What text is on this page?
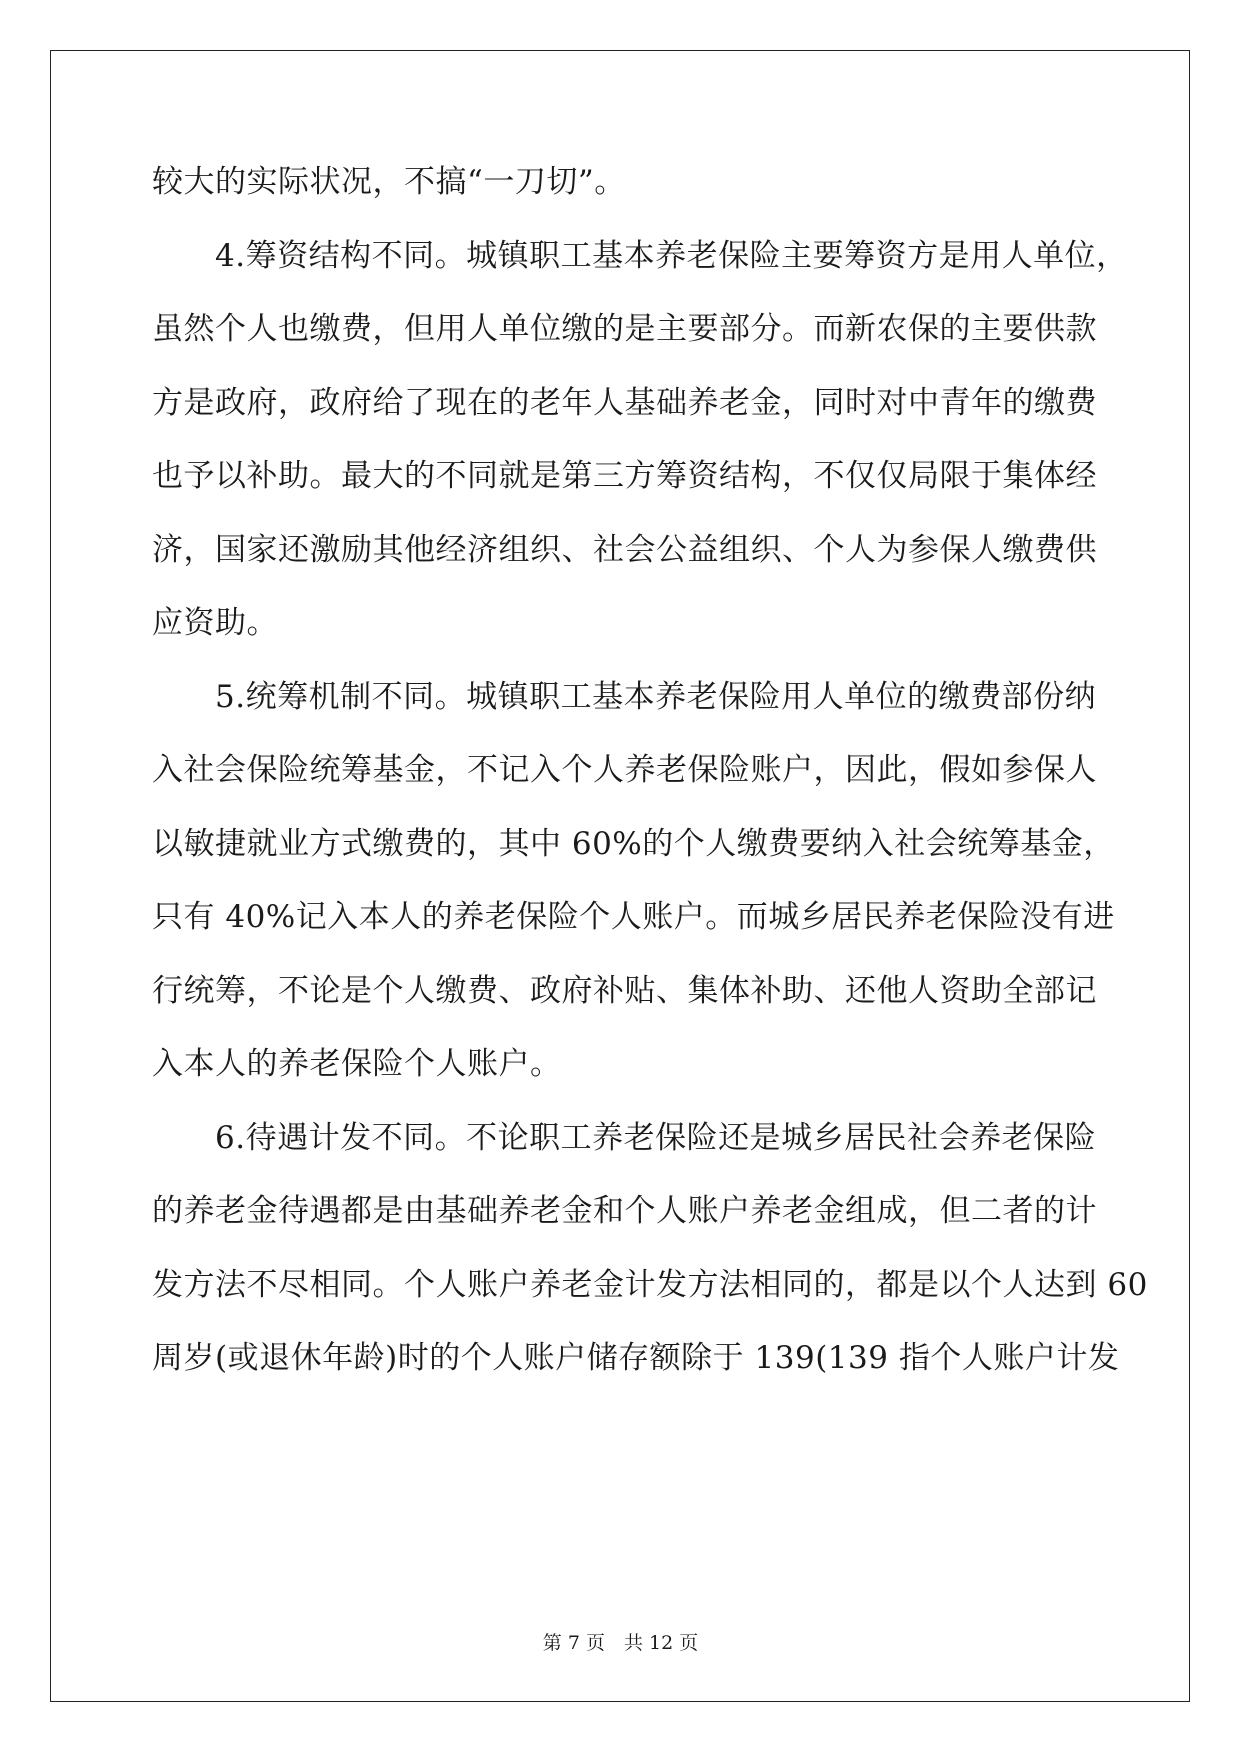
较大的实际状况，不搞“一刀切”。
　　4.筹资结构不同。城镇职工基本养老保险主要筹资方是用人单位，
虽然个人也缴费，但用人单位缴的是主要部分。而新农保的主要供款
方是政府，政府给了现在的老年人基础养老金，同时对中青年的缴费
也予以补助。最大的不同就是第三方筹资结构，不仅仅局限于集体经
济，国家还激励其他经济组织、社会公益组织、个人为参保人缴费供
应资助。
　　5.统筹机制不同。城镇职工基本养老保险用人单位的缴费部份纳
入社会保险统筹基金，不记入个人养老保险账户，因此，假如参保人
以敏捷就业方式缴费的，其中 60%的个人缴费要纳入社会统筹基金，
只有 40%记入本人的养老保险个人账户。而城乡居民养老保险没有进
行统筹，不论是个人缴费、政府补贴、集体补助、还他人资助全部记
入本人的养老保险个人账户。
　　6.待遇计发不同。不论职工养老保险还是城乡居民社会养老保险
的养老金待遇都是由基础养老金和个人账户养老金组成，但二者的计
发方法不尽相同。个人账户养老金计发方法相同的，都是以个人达到 60
周岁(或退休年龄)时的个人账户储存额除于 139(139 指个人账户计发
第 7 页　共 12 页
